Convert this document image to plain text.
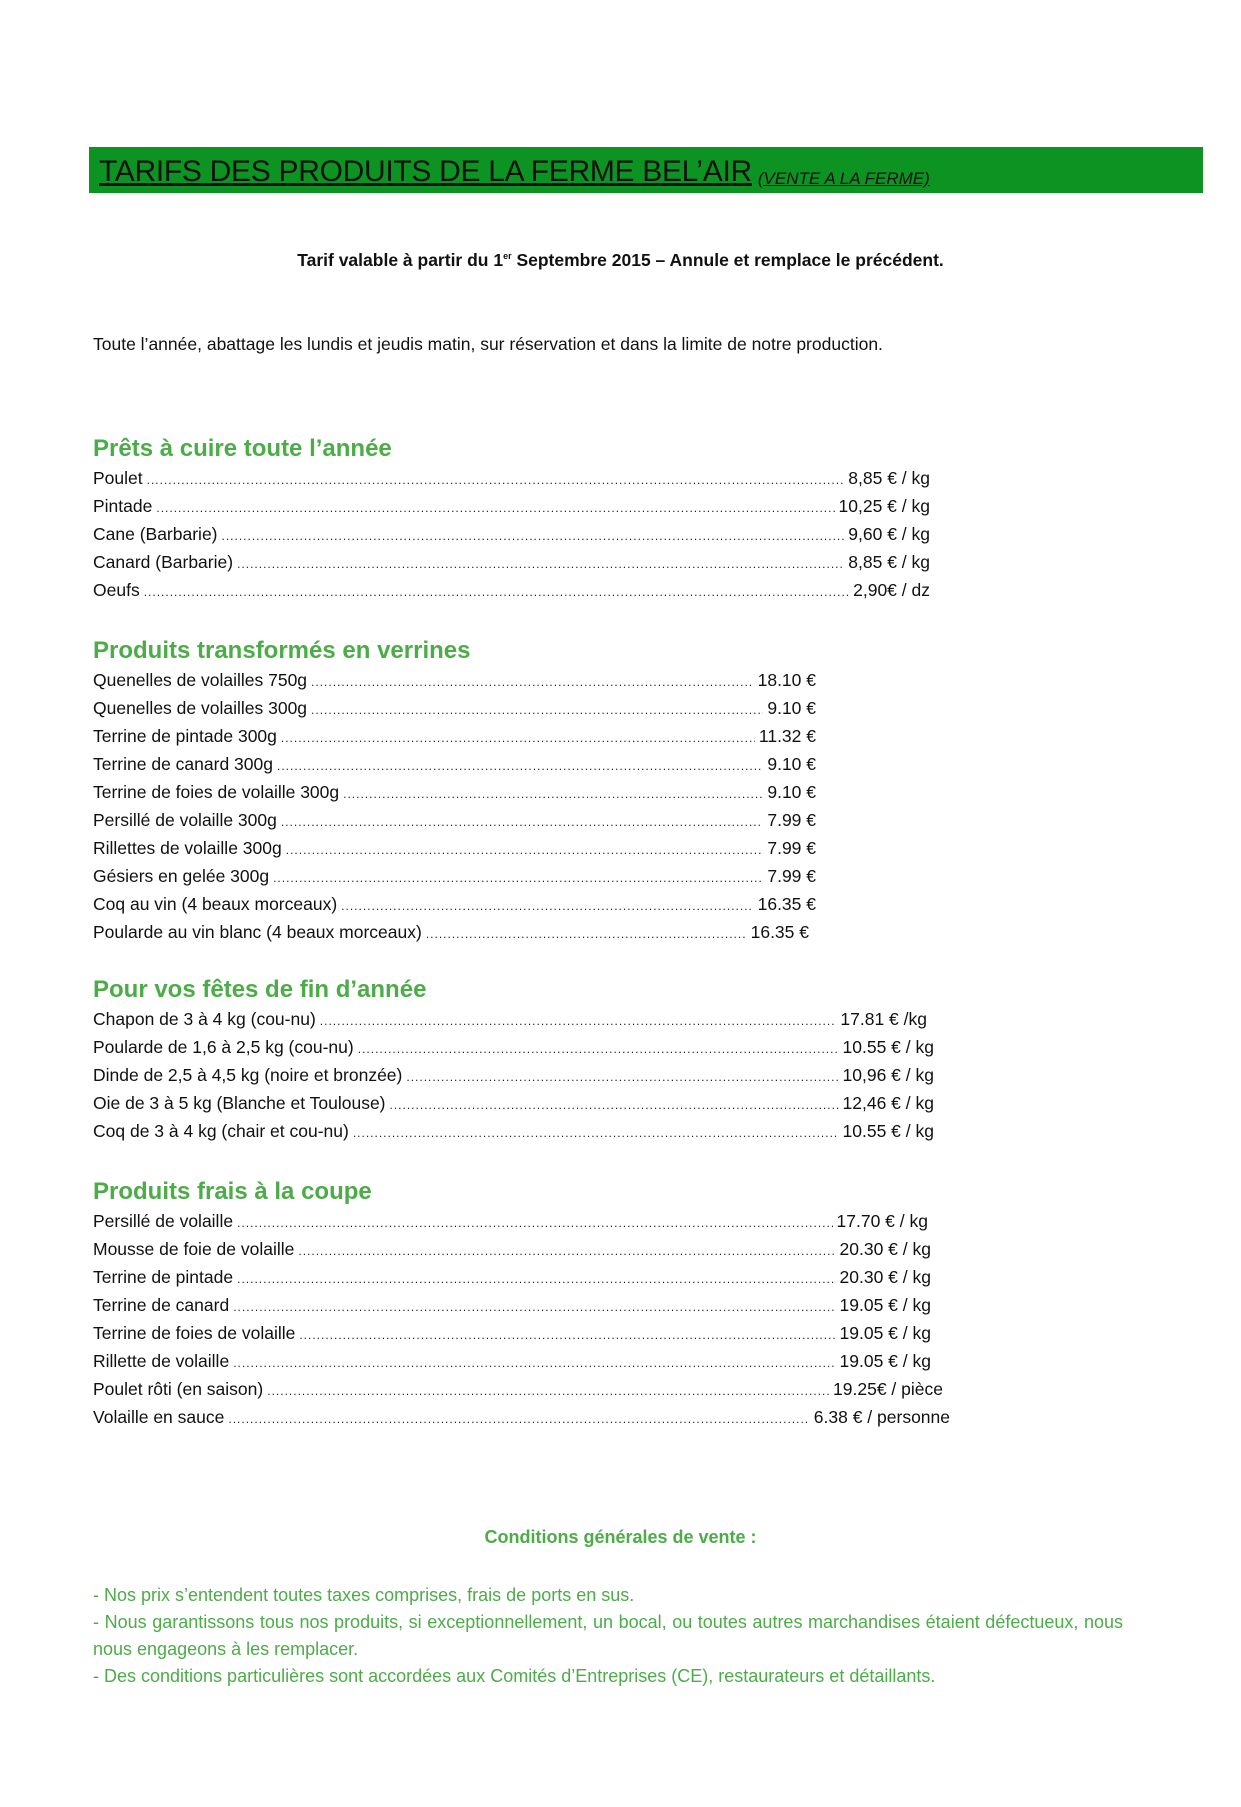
TARIFS DES PRODUITS DE LA FERME BEL’AIR (VENTE A LA FERME)
Tarif valable à partir du 1er Septembre 2015 – Annule et remplace le précédent.
Toute l’année, abattage les lundis et jeudis matin, sur réservation et dans la limite de notre production.
Prêts à cuire toute l’année
Poulet .....	8,85 € / kg
Pintade .....	10,25 € / kg
Cane (Barbarie) .....	9,60 € / kg
Canard (Barbarie) .....	8,85 € / kg
Oeufs .....	2,90€ / dz
Produits transformés en verrines
Quenelles de volailles 750g .....	18.10 €
Quenelles de volailles 300g .....	9.10 €
Terrine de pintade 300g .....	11.32 €
Terrine de canard 300g .....	9.10 €
Terrine de foies de volaille 300g .....	9.10 €
Persillé de volaille 300g .....	7.99 €
Rillettes de volaille 300g .....	7.99 €
Gésiers en gelée 300g .....	7.99 €
Coq au vin (4 beaux morceaux) .....	16.35 €
Poularde au vin blanc (4 beaux morceaux) .....	16.35 €
Pour vos fêtes de fin d’année
Chapon de 3 à 4 kg (cou-nu) .....	17.81 € /kg
Poularde de 1,6 à 2,5 kg (cou-nu) .....	10.55 € / kg
Dinde de 2,5 à 4,5 kg (noire et bronzée) .....	10,96 € / kg
Oie de 3 à 5 kg (Blanche et Toulouse) .....	12,46 € / kg
Coq de 3 à 4 kg (chair et cou-nu) .....	10.55 € / kg
Produits frais à la coupe
Persillé de volaille .....	17.70 € / kg
Mousse de foie de volaille .....	20.30 € / kg
Terrine de pintade .....	20.30 € / kg
Terrine de canard .....	19.05 € / kg
Terrine de foies de volaille .....	19.05 € / kg
Rillette de volaille .....	19.05 € / kg
Poulet rôti (en saison) .....	19.25€ / pièce
Volaille en sauce .....	6.38 € / personne
Conditions générales de vente :

- Nos prix s’entendent toutes taxes comprises, frais de ports en sus.

- Nous garantissons tous nos produits, si exceptionnellement, un bocal, ou toutes autres marchandises étaient défectueux, nous nous engageons à les remplacer.

- Des conditions particulières sont accordées aux Comités d’Entreprises (CE), restaurateurs et détaillants.
